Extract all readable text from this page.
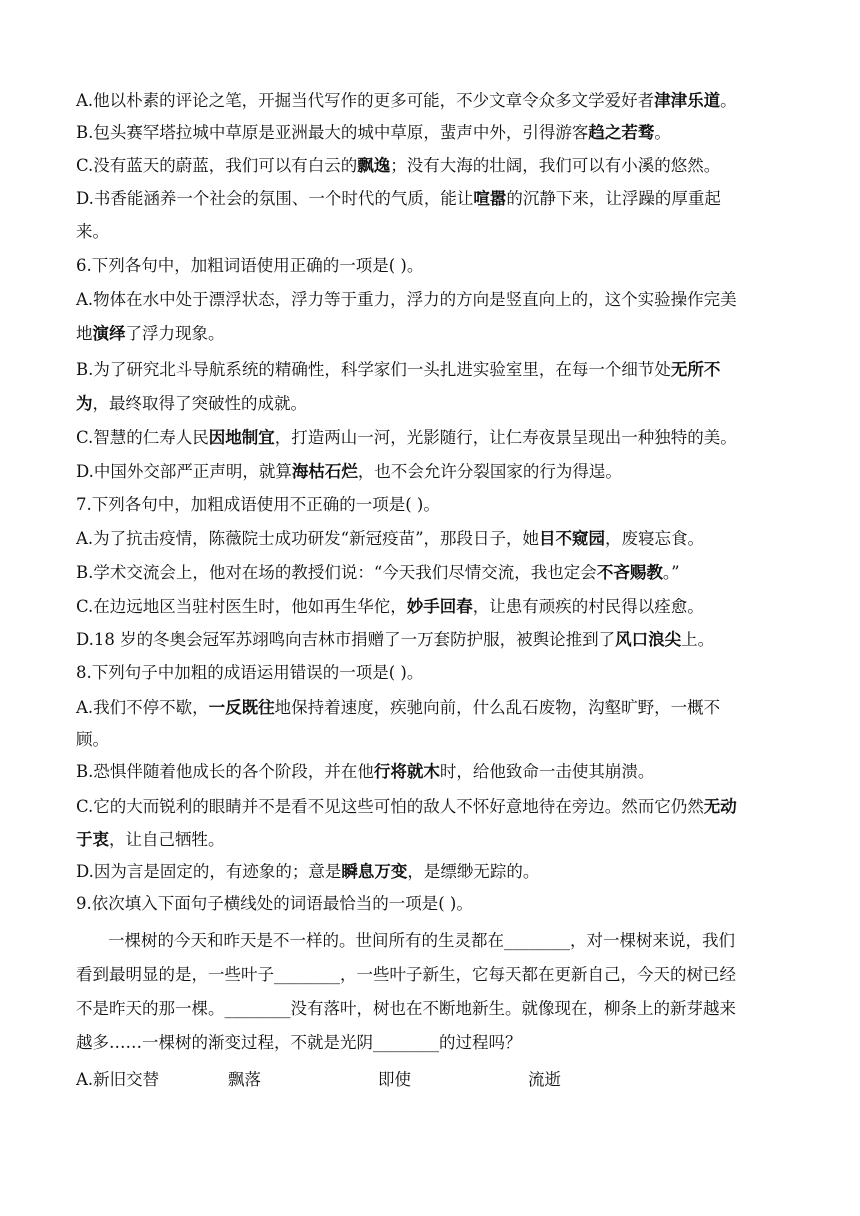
A.他以朴素的评论之笔，开掘当代写作的更多可能，不少文章令众多文学爱好者津津乐道。
B.包头赛罕塔拉城中草原是亚洲最大的城中草原，蜚声中外，引得游客趋之若骛。
C.没有蓝天的蔚蓝，我们可以有白云的飘逸；没有大海的壮阔，我们可以有小溪的悠然。
D.书香能涵养一个社会的氛围、一个时代的气质，能让喧嚣的沉静下来，让浮躁的厚重起
来。
6.下列各句中，加粗词语使用正确的一项是( )。
A.物体在水中处于漂浮状态，浮力等于重力，浮力的方向是竖直向上的，这个实验操作完美
地演绎了浮力现象。
B.为了研究北斗导航系统的精确性，科学家们一头扎进实验室里，在每一个细节处无所不
为，最终取得了突破性的成就。
C.智慧的仁寿人民因地制宜，打造两山一河，光影随行，让仁寿夜景呈现出一种独特的美。
D.中国外交部严正声明，就算海枯石烂，也不会允许分裂国家的行为得逞。
7.下列各句中，加粗成语使用不正确的一项是( )。
A.为了抗击疫情，陈薇院士成功研发“新冠疫苗”，那段日子，她目不窥园，废寝忘食。
B.学术交流会上，他对在场的教授们说：“今天我们尽情交流，我也定会不吝赐教。”
C.在边远地区当驻村医生时，他如再生华佗，妙手回春，让患有顽疾的村民得以痊愈。
D.18 岁的冬奥会冠军苏翊鸣向吉林市捐赠了一万套防护服，被舆论推到了风口浪尖上。
8.下列句子中加粗的成语运用错误的一项是( )。
A.我们不停不歇，一反既往地保持着速度，疾驰向前，什么乱石废物，沟壑旷野，一概不
顾。
B.恐惧伴随着他成长的各个阶段，并在他行将就木时，给他致命一击使其崩溃。
C.它的大而锐利的眼睛并不是看不见这些可怕的敌人不怀好意地待在旁边。然而它仍然无动
于衷，让自己牺牲。
D.因为言是固定的，有迹象的；意是瞬息万变，是缥缈无踪的。
9.依次填入下面句子横线处的词语最恰当的一项是( )。
一棵树的今天和昨天是不一样的。世间所有的生灵都在________，对一棵树来说，我们
看到最明显的是，一些叶子________，一些叶子新生，它每天都在更新自己，今天的树已经
不是昨天的那一棵。________没有落叶，树也在不断地新生。就像现在，柳条上的新芽越来
越多……一棵树的渐变过程，不就是光阴________的过程吗？
A.新旧交替	飘落	即使	流逝
